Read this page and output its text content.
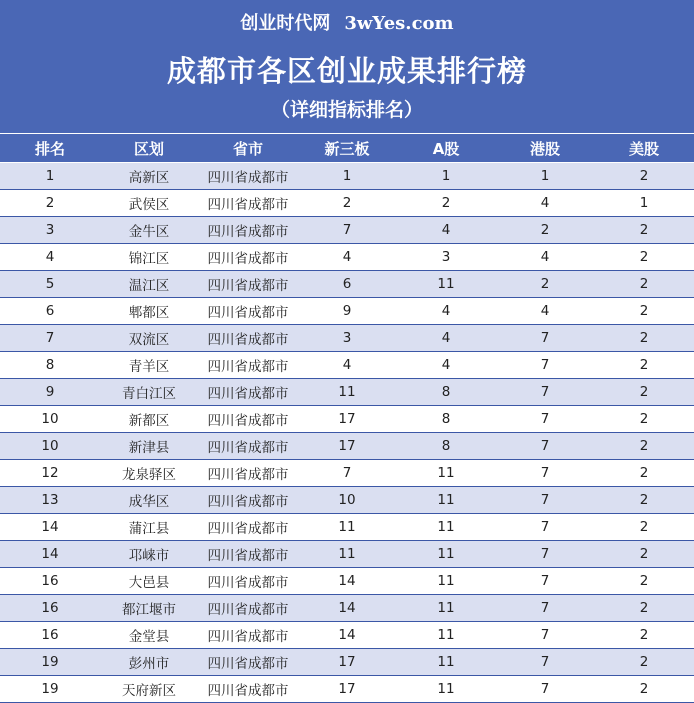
创业时代网 3wYes.com
成都市各区创业成果排行榜
（详细指标排名）
排名	区划	省市	新三板	A股	港股	美股
1	高新区	四川省成都市	1	1	1	2
2	武侯区	四川省成都市	2	2	4	1
3	金牛区	四川省成都市	7	4	2	2
4	锦江区	四川省成都市	4	3	4	2
5	温江区	四川省成都市	6	11	2	2
6	郫都区	四川省成都市	9	4	4	2
7	双流区	四川省成都市	3	4	7	2
8	青羊区	四川省成都市	4	4	7	2
9	青白江区	四川省成都市	11	8	7	2
10	新都区	四川省成都市	17	8	7	2
10	新津县	四川省成都市	17	8	7	2
12	龙泉驿区	四川省成都市	7	11	7	2
13	成华区	四川省成都市	10	11	7	2
14	蒲江县	四川省成都市	11	11	7	2
14	邛崃市	四川省成都市	11	11	7	2
16	大邑县	四川省成都市	14	11	7	2
16	都江堰市	四川省成都市	14	11	7	2
16	金堂县	四川省成都市	14	11	7	2
19	彭州市	四川省成都市	17	11	7	2
19	天府新区	四川省成都市	17	11	7	2
